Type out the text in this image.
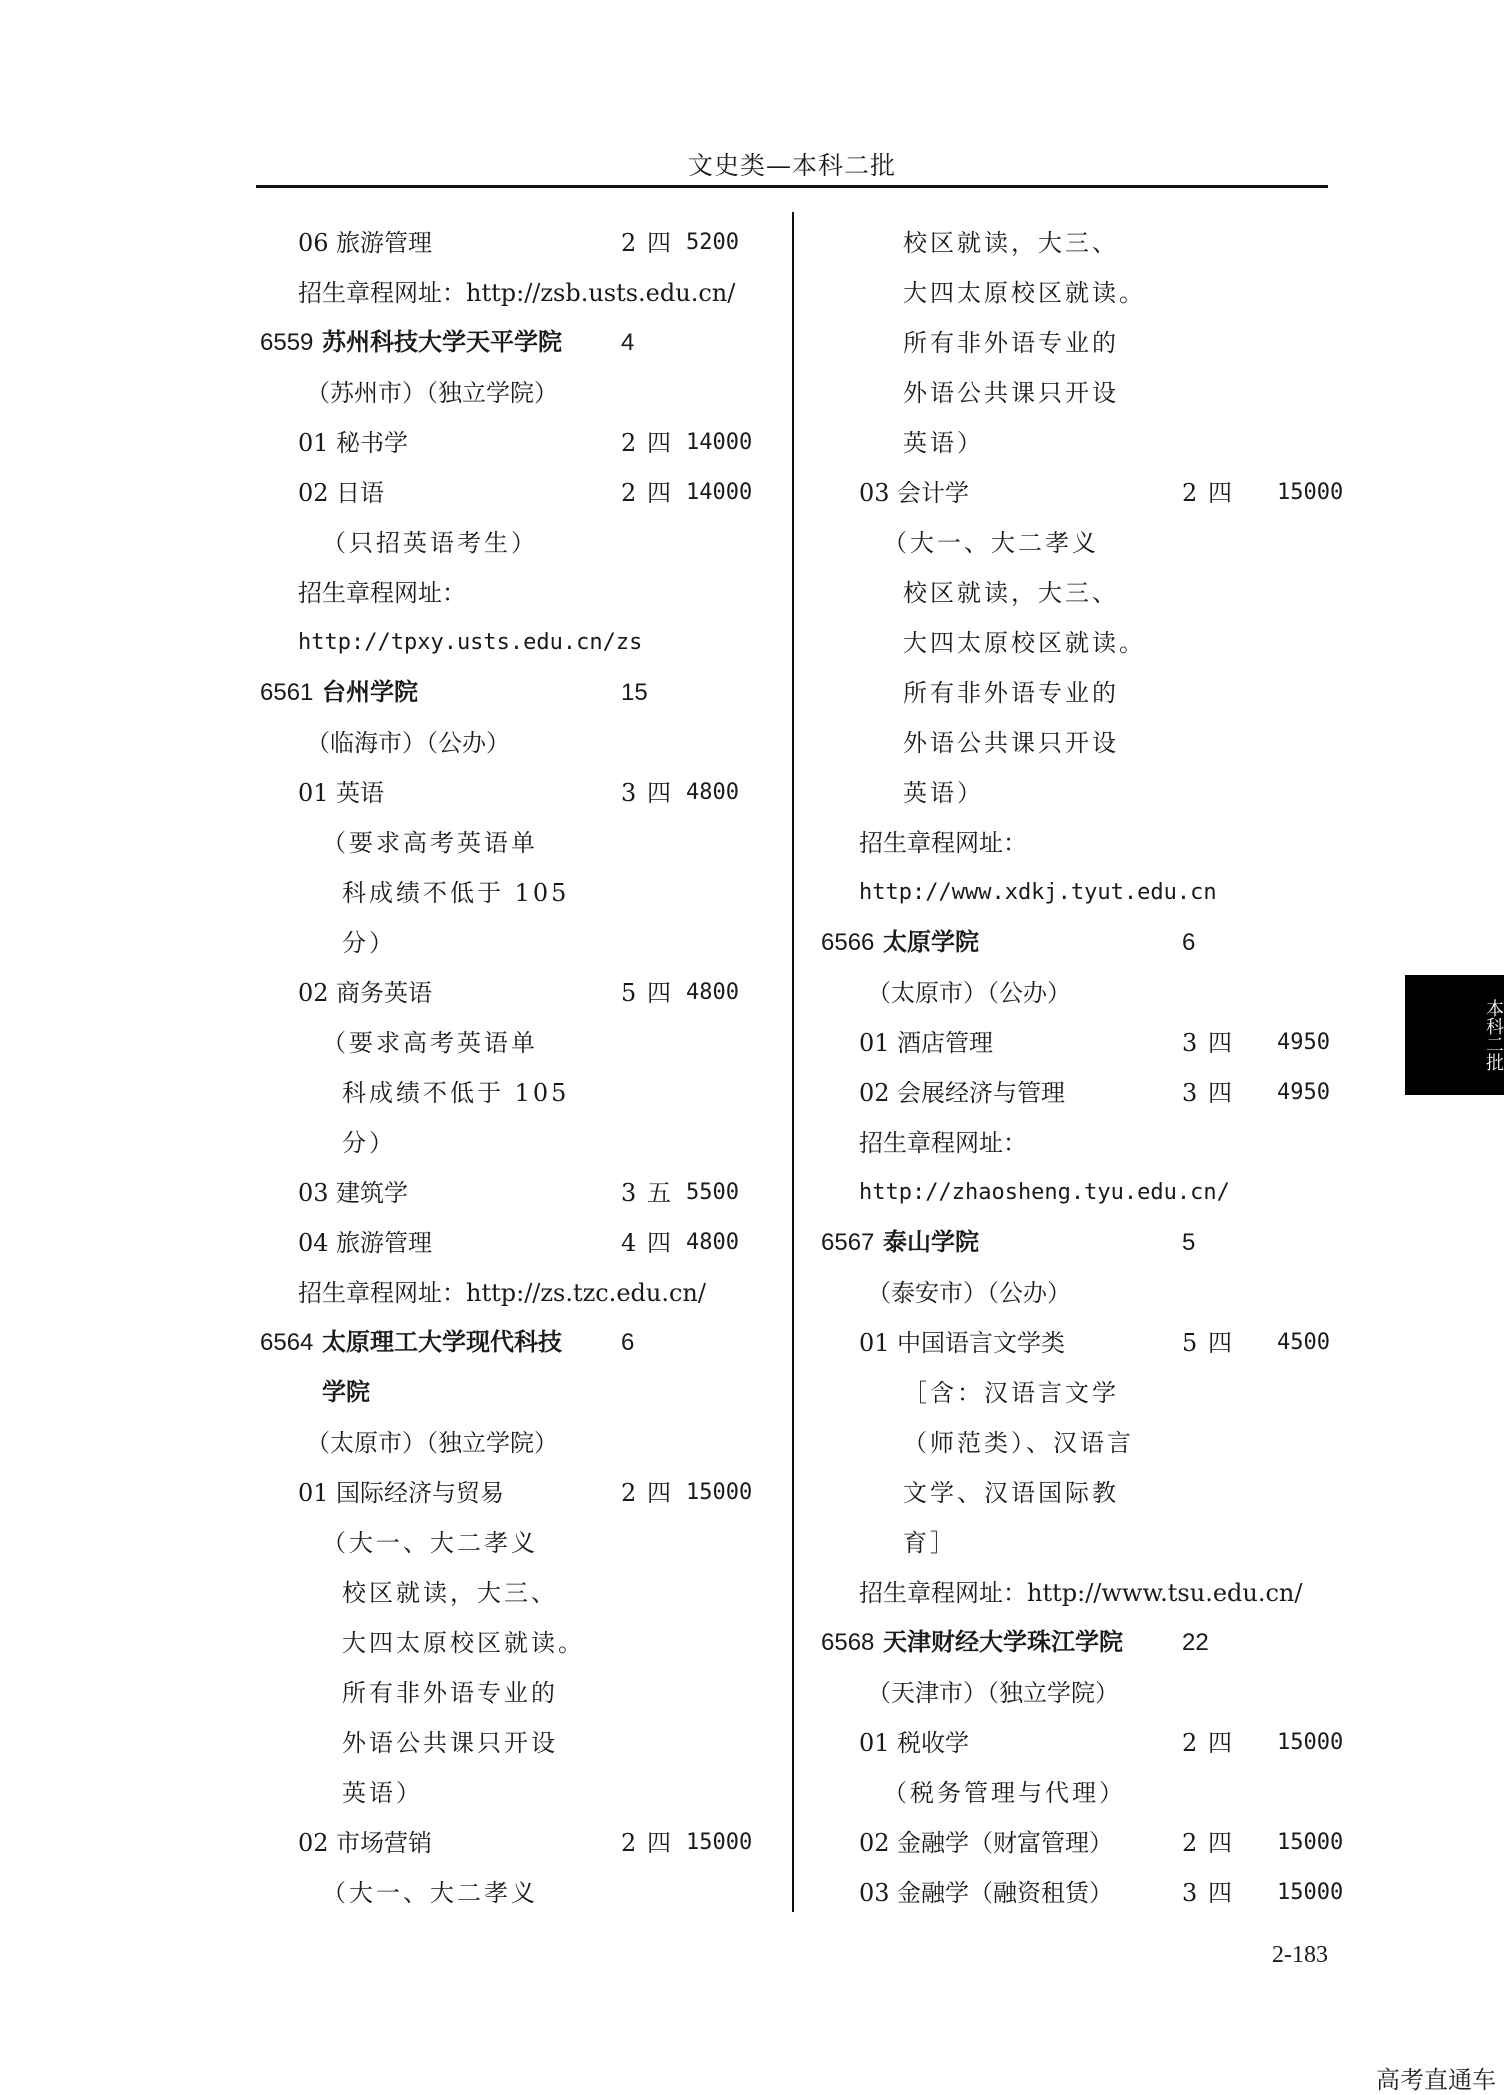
文史类—本科二批
06 旅游管理	2 四 5200
招生章程网址：http://zsb.usts.edu.cn/
6559 苏州科技大学天平学院 4
（苏州市）（独立学院）
01 秘书学	2 四 14000
02 日语	2 四 14000
（只招英语考生）
招生章程网址：
http://tpxy.usts.edu.cn/zs
6561 台州学院	15
（临海市）（公办）
01 英语	3 四 4800
（要求高考英语单
科成绩不低于 105
分）
02 商务英语	5 四 4800
（要求高考英语单
科成绩不低于 105
分）
03 建筑学	3 五 5500
04 旅游管理	4 四 4800
招生章程网址：http://zs.tzc.edu.cn/
6564 太原理工大学现代科技 6
学院
（太原市）（独立学院）
01 国际经济与贸易	2 四 15000
（大一、大二孝义
校区就读，大三、
大四太原校区就读。
所有非外语专业的
外语公共课只开设
英语）
02 市场营销	2 四 15000
（大一、大二孝义
校区就读，大三、
大四太原校区就读。
所有非外语专业的
外语公共课只开设
英语）
03 会计学	2 四 15000
（大一、大二孝义
校区就读，大三、
大四太原校区就读。
所有非外语专业的
外语公共课只开设
英语）
招生章程网址：
http://www.xdkj.tyut.edu.cn
6566 太原学院	6
（太原市）（公办）
01 酒店管理	3 四 4950
02 会展经济与管理	3 四 4950
招生章程网址：
http://zhaosheng.tyu.edu.cn/
6567 泰山学院	5
（泰安市）（公办）
01 中国语言文学类	5 四 4500
［含：汉语言文学
（师范类）、汉语言
文学、汉语国际教
育］
招生章程网址：http://www.tsu.edu.cn/
6568 天津财经大学珠江学院 22
（天津市）（独立学院）
01 税收学	2 四 15000
（税务管理与代理）
02 金融学（财富管理）	2 四 15000
03 金融学（融资租赁）	3 四 15000
本科二批
2-183
高考直通车
